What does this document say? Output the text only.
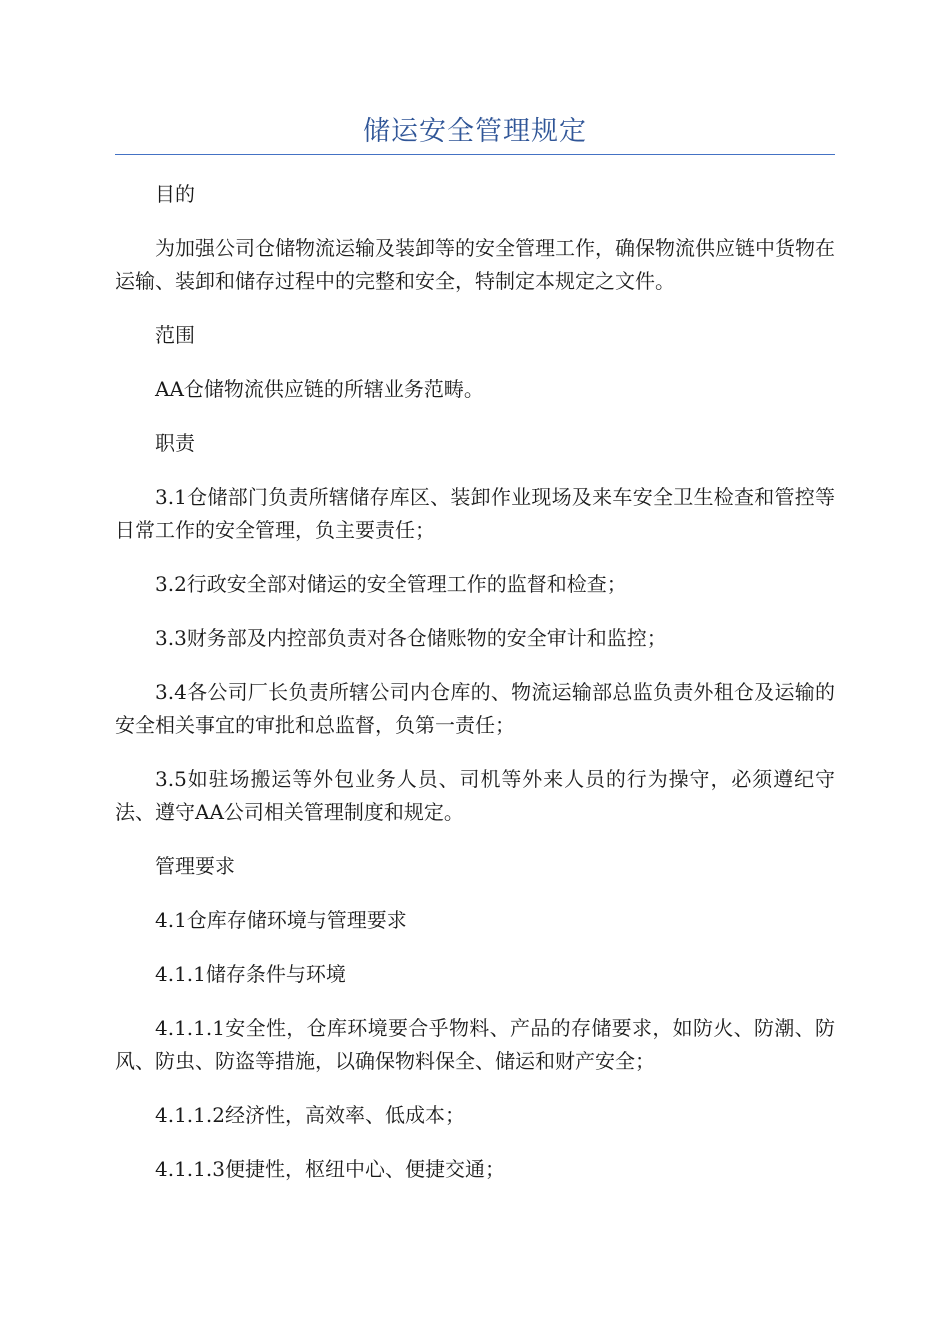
储运安全管理规定

目的

为加强公司仓储物流运输及装卸等的安全管理工作，确保物流供应链中货物在运输、装卸和储存过程中的完整和安全，特制定本规定之文件。

范围

AA仓储物流供应链的所辖业务范畴。

职责

3.1仓储部门负责所辖储存库区、装卸作业现场及来车安全卫生检查和管控等日常工作的安全管理，负主要责任；

3.2行政安全部对储运的安全管理工作的监督和检查；

3.3财务部及内控部负责对各仓储账物的安全审计和监控；

3.4各公司厂长负责所辖公司内仓库的、物流运输部总监负责外租仓及运输的安全相关事宜的审批和总监督，负第一责任；

3.5如驻场搬运等外包业务人员、司机等外来人员的行为操守，必须遵纪守法、遵守AA公司相关管理制度和规定。

管理要求

4.1仓库存储环境与管理要求

4.1.1储存条件与环境

4.1.1.1安全性，仓库环境要合乎物料、产品的存储要求，如防火、防潮、防风、防虫、防盗等措施，以确保物料保全、储运和财产安全；

4.1.1.2经济性，高效率、低成本；

4.1.1.3便捷性，枢纽中心、便捷交通；
